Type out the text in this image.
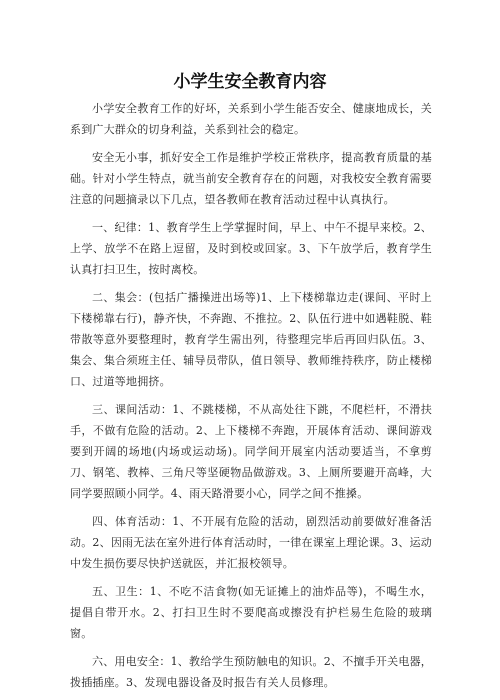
小学生安全教育内容

小学安全教育工作的好坏，关系到小学生能否安全、健康地成长，关系到广大群众的切身利益，关系到社会的稳定。

安全无小事，抓好安全工作是维护学校正常秩序，提高教育质量的基础。针对小学生特点，就当前安全教育存在的问题，对我校安全教育需要注意的问题摘录以下几点，望各教师在教育活动过程中认真执行。

一、纪律：1、教育学生上学掌握时间，早上、中午不提早来校。2、上学、放学不在路上逗留，及时到校或回家。3、下午放学后，教育学生认真打扫卫生，按时离校。

二、集会：(包括广播操进出场等)1、上下楼梯靠边走(课间、平时上下楼梯靠右行)，静齐快，不奔跑、不推拉。2、队伍行进中如遇鞋脱、鞋带散等意外要整理时，教育学生需出列，待整理完毕后再回归队伍。3、集会、集合须班主任、辅导员带队，值日领导、教师维持秩序，防止楼梯口、过道等地拥挤。

三、课间活动：1、不跳楼梯，不从高处往下跳，不爬栏杆，不滑扶手，不做有危险的活动。2、上下楼梯不奔跑，开展体育活动、课间游戏要到开阔的场地(内场或运动场)。同学间开展室内活动要适当，不拿剪刀、钢笔、教棒、三角尺等坚硬物品做游戏。3、上厕所要避开高峰，大同学要照顾小同学。4、雨天路滑要小心，同学之间不推搡。

四、体育活动：1、不开展有危险的活动，剧烈活动前要做好准备活动。2、因雨无法在室外进行体育活动时，一律在课室上理论课。3、运动中发生损伤要尽快护送就医，并汇报校领导。

五、卫生：1、不吃不洁食物(如无证摊上的油炸品等)，不喝生水，提倡自带开水。2、打扫卫生时不要爬高或擦没有护栏易生危险的玻璃窗。

六、用电安全：1、教给学生预防触电的知识。2、不擅手开关电器，拨插插座。3、发现电器设备及时报告有关人员修理。
